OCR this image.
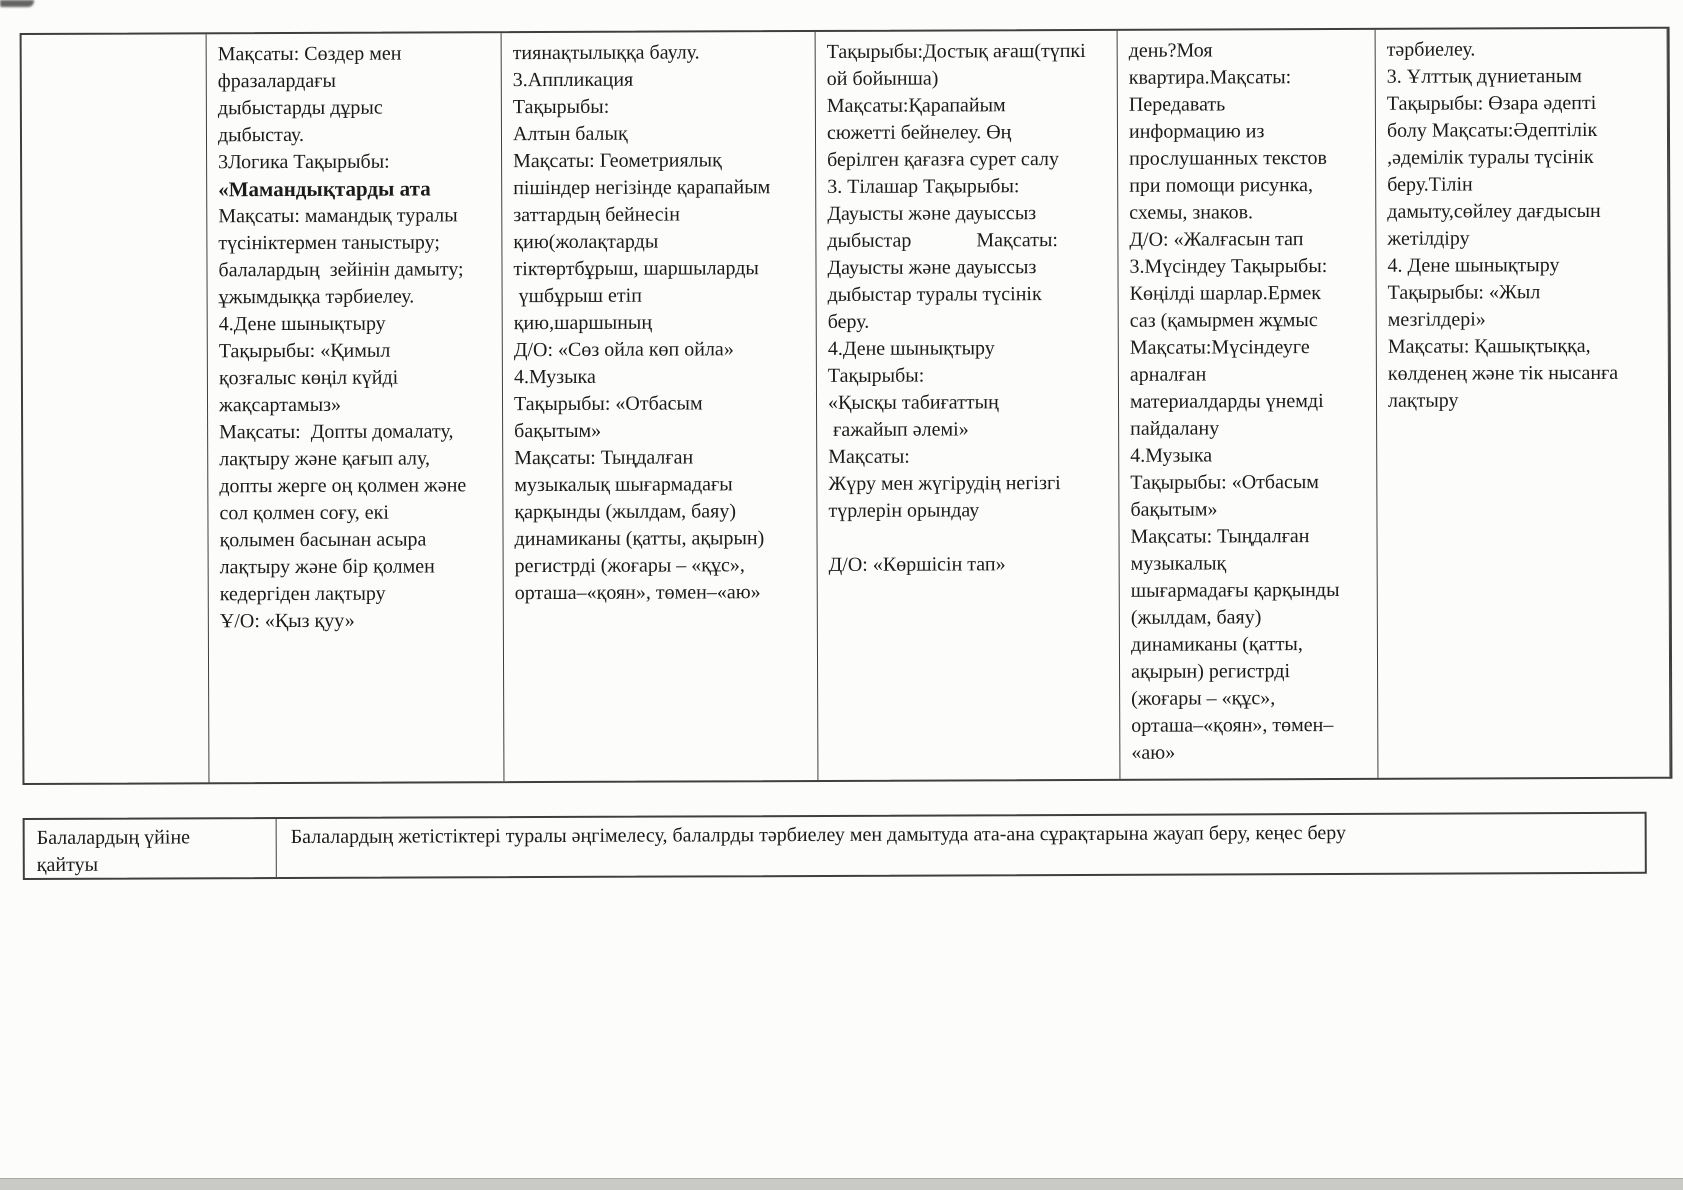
Мақсаты: Сөздер мен
фразалардағы
дыбыстарды дұрыс
дыбыстау.
3Логика Тақырыбы:
«Мамандықтарды ата
Мақсаты: мамандық туралы
түсініктермен таныстыру;
балалардың  зейінін дамыту;
ұжымдыққа тәрбиелеу.
4.Дене шынықтыру
Тақырыбы: «Қимыл
қозғалыс көңіл күйді
жақсартамыз»
Мақсаты:  Допты домалату,
лақтыру және қағып алу,
допты жерге оң қолмен және
сол қолмен соғу, екі
қолымен басынан асыра
лақтыру және бір қолмен
кедергіден лақтыру
Ұ/О: «Қыз қуу»
тиянақтылыққа баулу.
3.Аппликация
Тақырыбы:
Алтын балық
Мақсаты: Геометриялық
пішіндер негізінде қарапайым
заттардың бейнесін
қию(жолақтарды
тіктөртбұрыш, шаршыларды
үшбұрыш етіп
қию,шаршының
Д/О: «Сөз ойла көп ойла»
4.Музыка
Тақырыбы: «Отбасым
бақытым»
Мақсаты: Тыңдалған
музыкалық шығармадағы
қарқынды (жылдам, баяу)
динамиканы (қатты, ақырын)
регистрді (жоғары – «құс»,
орташа–«қоян», төмен–«аю»
Тақырыбы:Достық ағаш(түпкі
ой бойынша)
Мақсаты:Қарапайым
сюжетті бейнелеу. Өң
берілген қағазға сурет салу
3. Тілашар Тақырыбы:
Дауысты және дауыссыз
дыбыстар             Мақсаты:
Дауысты және дауыссыз
дыбыстар туралы түсінік
беру.
4.Дене шынықтыру
Тақырыбы:
«Қысқы табиғаттың
ғажайып әлемі»
Мақсаты:
Жүру мен жүгірудің негізгі
түрлерін орындау

Д/О: «Көршісін тап»
день?Моя
квартира.Мақсаты:
Передавать
информацию из
прослушанных текстов
при помощи рисунка,
схемы, знаков.
Д/О: «Жалғасын тап
3.Мүсіндеу Тақырыбы:
Көңілді шарлар.Ермек
саз (қамырмен жұмыс
Мақсаты:Мүсіндеуге
арналған
материалдарды үнемді
пайдалану
4.Музыка
Тақырыбы: «Отбасым
бақытым»
Мақсаты: Тыңдалған
музыкалық
шығармадағы қарқынды
(жылдам, баяу)
динамиканы (қатты,
ақырын) регистрді
(жоғары – «құс»,
орташа–«қоян», төмен–
«аю»
тәрбиелеу.
3. Ұлттық дүниетаным
Тақырыбы: Өзара әдепті
болу Мақсаты:Әдептілік
,әдемілік туралы түсінік
беру.Тілін
дамыту,сөйлеу дағдысын
жетілдіру
4. Дене шынықтыру
Тақырыбы: «Жыл
мезгілдері»
Мақсаты: Қашықтыққа,
көлденең және тік нысанға
лақтыру
Балалардың үйіне
қайтуы
Балалардың жетістіктері туралы әңгімелесу, балалрды тәрбиелеу мен дамытуда ата-ана сұрақтарына жауап беру, кеңес беру
